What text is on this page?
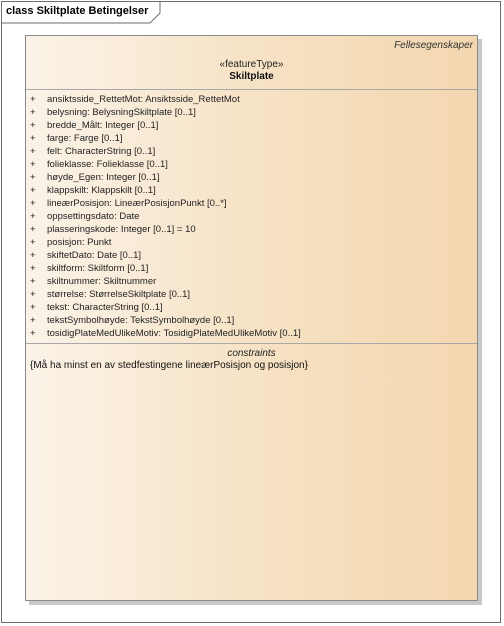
class Skiltplate Betingelser
Fellesegenskaper
«featureType»
Skiltplate
+ ansiktsside_RettetMot: Ansiktsside_RettetMot
+ belysning: BelysningSkiltplate [0..1]
+ bredde_Målt: Integer [0..1]
+ farge: Farge [0..1]
+ felt: CharacterString [0..1]
+ folieklasse: Folieklasse [0..1]
+ høyde_Egen: Integer [0..1]
+ klappskilt: Klappskilt [0..1]
+ lineærPosisjon: LineærPosisjonPunkt [0..*]
+ oppsettingsdato: Date
+ plasseringskode: Integer [0..1] = 10
+ posisjon: Punkt
+ skiftetDato: Date [0..1]
+ skiltform: Skiltform [0..1]
+ skiltnummer: Skiltnummer
+ størrelse: StørrelseSkiltplate [0..1]
+ tekst: CharacterString [0..1]
+ tekstSymbolhøyde: TekstSymbolhøyde [0..1]
+ tosidigPlateMedUlikeMotiv: TosidigPlateMedUlikeMotiv [0..1]
constraints
{Må ha minst en av stedfestingene lineærPosisjon og posisjon}
